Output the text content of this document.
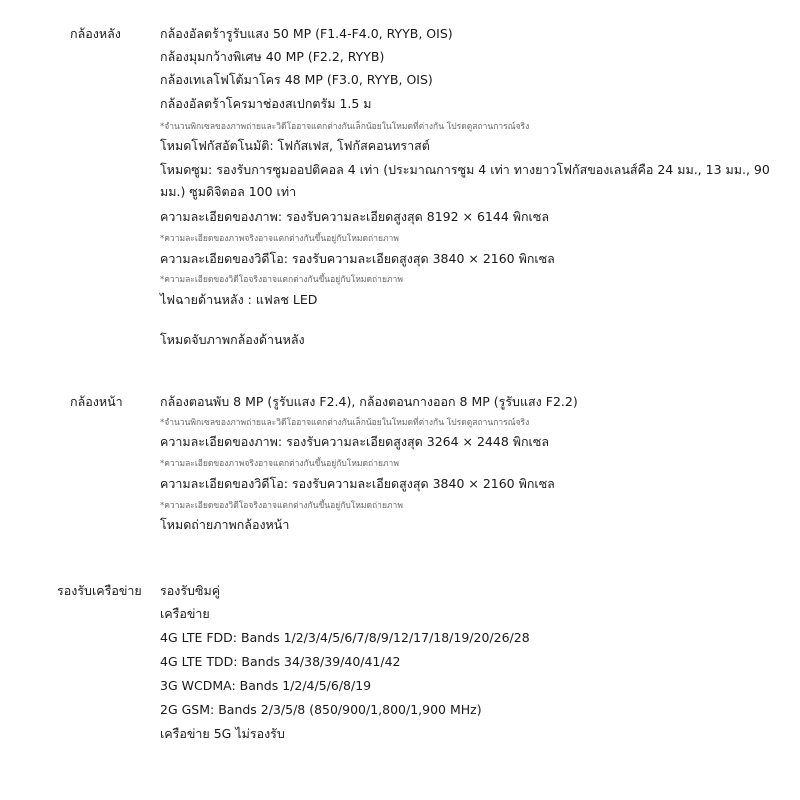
กล้องหลัง	กล้องอัลตร้ารูรับแสง 50 MP (F1.4-F4.0, RYYB, OIS)
กล้องมุมกว้างพิเศษ 40 MP (F2.2, RYYB)
กล้องเทเลโฟโต้มาโคร 48 MP (F3.0, RYYB, OIS)
กล้องอัลตร้าโครมาช่องสเปกตรัม 1.5 ม
*จำนวนพิกเซลของภาพถ่ายและวิดีโออาจแตกต่างกันเล็กน้อยในโหมดที่ต่างกัน โปรดดูสถานการณ์จริง
โหมดโฟกัสอัตโนมัติ: โฟกัสเฟส, โฟกัสคอนทราสต์
โหมดซูม: รองรับการซูมออปติคอล 4 เท่า (ประมาณการซูม 4 เท่า ทางยาวโฟกัสของเลนส์คือ 24 มม., 13 มม., 90 มม.) ซูมดิจิตอล 100 เท่า
ความละเอียดของภาพ: รองรับความละเอียดสูงสุด 8192 × 6144 พิกเซล
*ความละเอียดของภาพจริงอาจแตกต่างกันขึ้นอยู่กับโหมดถ่ายภาพ
ความละเอียดของวิดีโอ: รองรับความละเอียดสูงสุด 3840 × 2160 พิกเซล
*ความละเอียดของวิดีโอจริงอาจแตกต่างกันขึ้นอยู่กับโหมดถ่ายภาพ
ไฟฉายด้านหลัง : แฟลช LED
โหมดจับภาพกล้องด้านหลัง
กล้องหน้า	กล้องตอนพับ 8 MP (รูรับแสง F2.4), กล้องตอนกางออก 8 MP (รูรับแสง F2.2)
*จำนวนพิกเซลของภาพถ่ายและวิดีโออาจแตกต่างกันเล็กน้อยในโหมดที่ต่างกัน โปรดดูสถานการณ์จริง
ความละเอียดของภาพ: รองรับความละเอียดสูงสุด 3264 × 2448 พิกเซล
*ความละเอียดของภาพจริงอาจแตกต่างกันขึ้นอยู่กับโหมดถ่ายภาพ
ความละเอียดของวิดีโอ: รองรับความละเอียดสูงสุด 3840 × 2160 พิกเซล
*ความละเอียดของวิดีโอจริงอาจแตกต่างกันขึ้นอยู่กับโหมดถ่ายภาพ
โหมดถ่ายภาพกล้องหน้า
รองรับเครือข่าย รองรับซิมคู่
เครือข่าย
4G LTE FDD: Bands 1/2/3/4/5/6/7/8/9/12/17/18/19/20/26/28
4G LTE TDD: Bands 34/38/39/40/41/42
3G WCDMA: Bands 1/2/4/5/6/8/19
2G GSM: Bands 2/3/5/8 (850/900/1,800/1,900 MHz)
เครือข่าย 5G ไม่รองรับ
